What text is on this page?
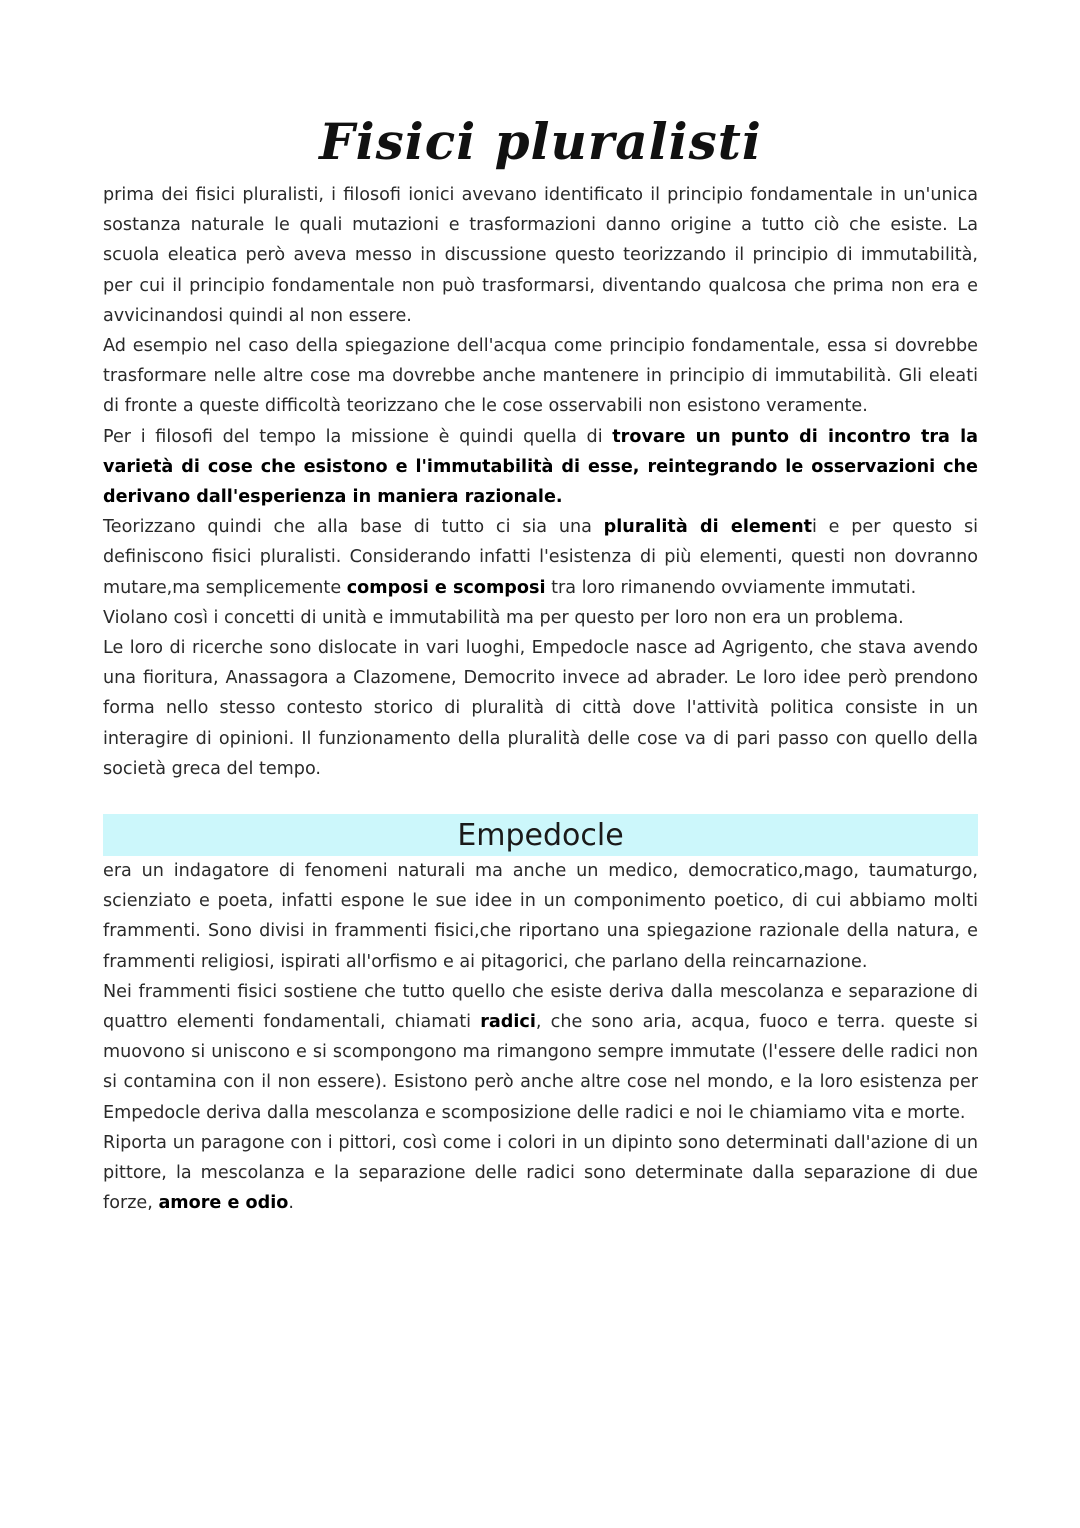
Fisici pluralisti

prima dei fisici pluralisti, i filosofi ionici avevano identificato il principio fondamentale in un'unica sostanza naturale le quali mutazioni e trasformazioni danno origine a tutto ciò che esiste. La scuola eleatica però aveva messo in discussione questo teorizzando il principio di immutabilità, per cui il principio fondamentale non può trasformarsi, diventando qualcosa che prima non era e avvicinandosi quindi al non essere.

Ad esempio nel caso della spiegazione dell'acqua come principio fondamentale, essa si dovrebbe trasformare nelle altre cose ma dovrebbe anche mantenere in principio di immutabilità. Gli eleati di fronte a queste difficoltà teorizzano che le cose osservabili non esistono veramente.

Per i filosofi del tempo la missione è quindi quella di trovare un punto di incontro tra la varietà di cose che esistono e l'immutabilità di esse, reintegrando le osservazioni che derivano dall'esperienza in maniera razionale.

Teorizzano quindi che alla base di tutto ci sia una pluralità di elementi e per questo si definiscono fisici pluralisti. Considerando infatti l'esistenza di più elementi, questi non dovranno mutare,ma semplicemente composi e scomposi tra loro rimanendo ovviamente immutati.

Violano così i concetti di unità e immutabilità ma per questo per loro non era un problema.

Le loro di ricerche sono dislocate in vari luoghi, Empedocle nasce ad Agrigento, che stava avendo una fioritura, Anassagora a Clazomene, Democrito invece ad abrader. Le loro idee però prendono forma nello stesso contesto storico di pluralità di città dove l'attività politica consiste in un interagire di opinioni. Il funzionamento della pluralità delle cose va di pari passo con quello della società greca del tempo.

Empedocle

era un indagatore di fenomeni naturali ma anche un medico, democratico,mago, taumaturgo, scienziato e poeta, infatti espone le sue idee in un componimento poetico, di cui abbiamo molti frammenti. Sono divisi in frammenti fisici,che riportano una spiegazione razionale della natura, e frammenti religiosi, ispirati all'orfismo e ai pitagorici, che parlano della reincarnazione.

Nei frammenti fisici sostiene che tutto quello che esiste deriva dalla mescolanza e separazione di quattro elementi fondamentali, chiamati radici, che sono aria, acqua, fuoco e terra. queste si muovono si uniscono e si scompongono ma rimangono sempre immutate (l'essere delle radici non si contamina con il non essere). Esistono però anche altre cose nel mondo, e la loro esistenza per Empedocle deriva dalla mescolanza e scomposizione delle radici e noi le chiamiamo vita e morte.

Riporta un paragone con i pittori, così come i colori in un dipinto sono determinati dall'azione di un pittore, la mescolanza e la separazione delle radici sono determinate dalla separazione di due forze, amore e odio.
